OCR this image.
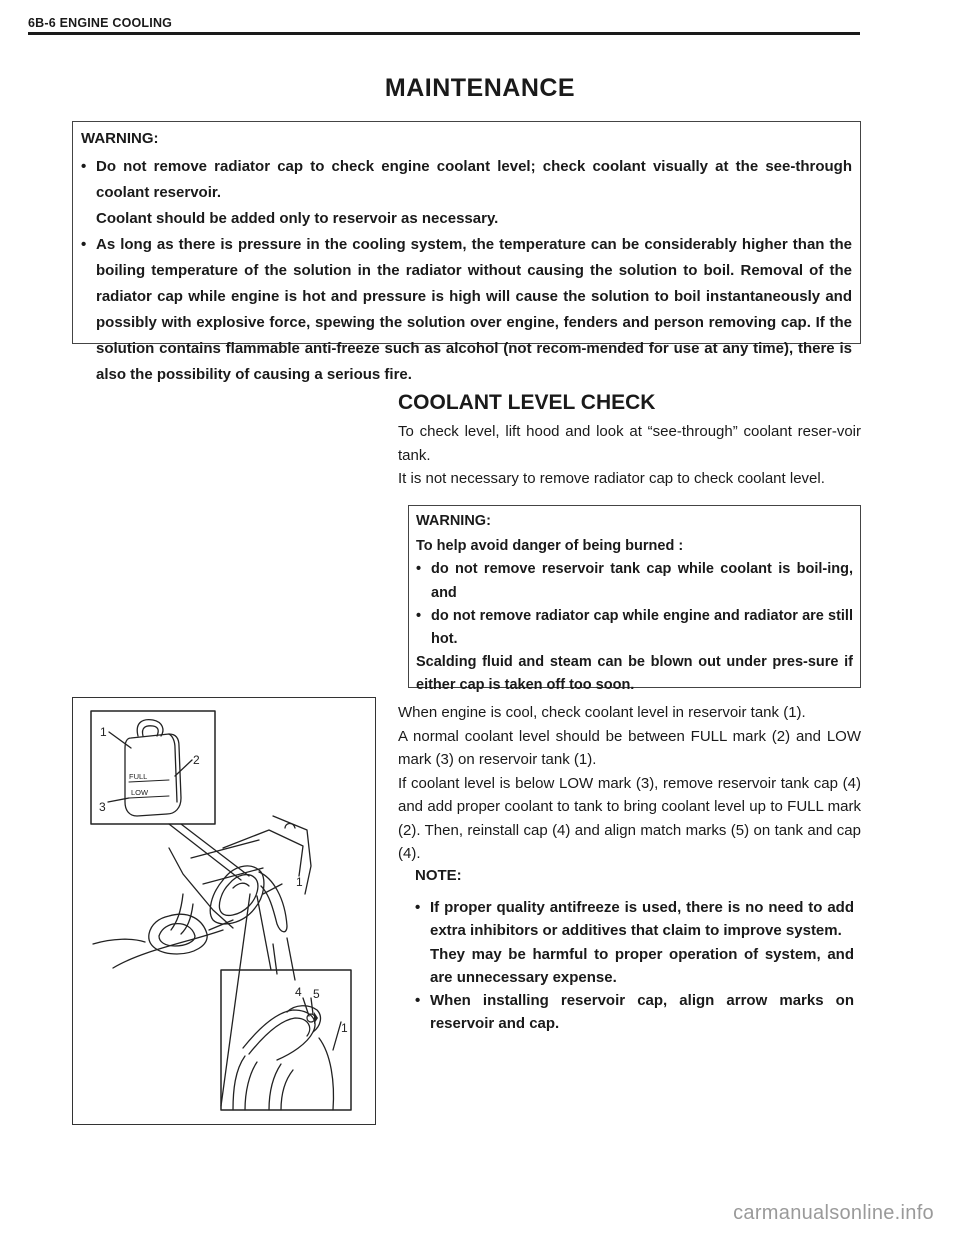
6B-6 ENGINE COOLING
MAINTENANCE
WARNING:
• Do not remove radiator cap to check engine coolant level; check coolant visually at the see-through coolant reservoir.
Coolant should be added only to reservoir as necessary.
• As long as there is pressure in the cooling system, the temperature can be considerably higher than the boiling temperature of the solution in the radiator without causing the solution to boil. Removal of the radiator cap while engine is hot and pressure is high will cause the solution to boil instantaneously and possibly with explosive force, spewing the solution over engine, fenders and person removing cap. If the solution contains flammable anti-freeze such as alcohol (not recom-mended for use at any time), there is also the possibility of causing a serious fire.
COOLANT LEVEL CHECK

To check level, lift hood and look at “see-through” coolant reser-voir tank.

It is not necessary to remove radiator cap to check coolant level.

WARNING:
To help avoid danger of being burned :
• do not remove reservoir tank cap while coolant is boil-ing, and
• do not remove radiator cap while engine and radiator are still hot.
Scalding fluid and steam can be blown out under pres-sure if either cap is taken off too soon.
FULL
LOW
1
2
3
1
4 5
1

When engine is cool, check coolant level in reservoir tank (1).

A normal coolant level should be between FULL mark (2) and LOW mark (3) on reservoir tank (1).

If coolant level is below LOW mark (3), remove reservoir tank cap (4) and add proper coolant to tank to bring coolant level up to FULL mark (2). Then, reinstall cap (4) and align match marks (5) on tank and cap (4).

NOTE:
• If proper quality antifreeze is used, there is no need to add extra inhibitors or additives that claim to improve system.
They may be harmful to proper operation of system, and are unnecessary expense.
• When installing reservoir cap, align arrow marks on reservoir and cap.
carmanualsonline.info
